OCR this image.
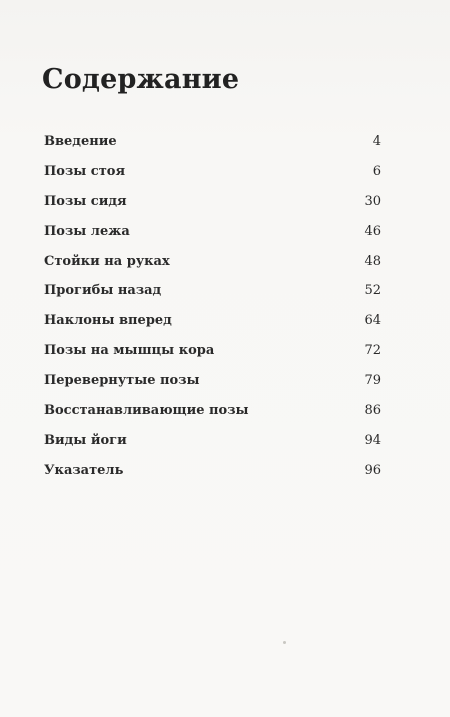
Содержание
Введение	4
Позы стоя	6
Позы сидя	30
Позы лежа	46
Стойки на руках	48
Прогибы назад	52
Наклоны вперед	64
Позы на мышцы кора	72
Перевернутые позы	79
Восстанавливающие позы	86
Виды йоги	94
Указатель	96
